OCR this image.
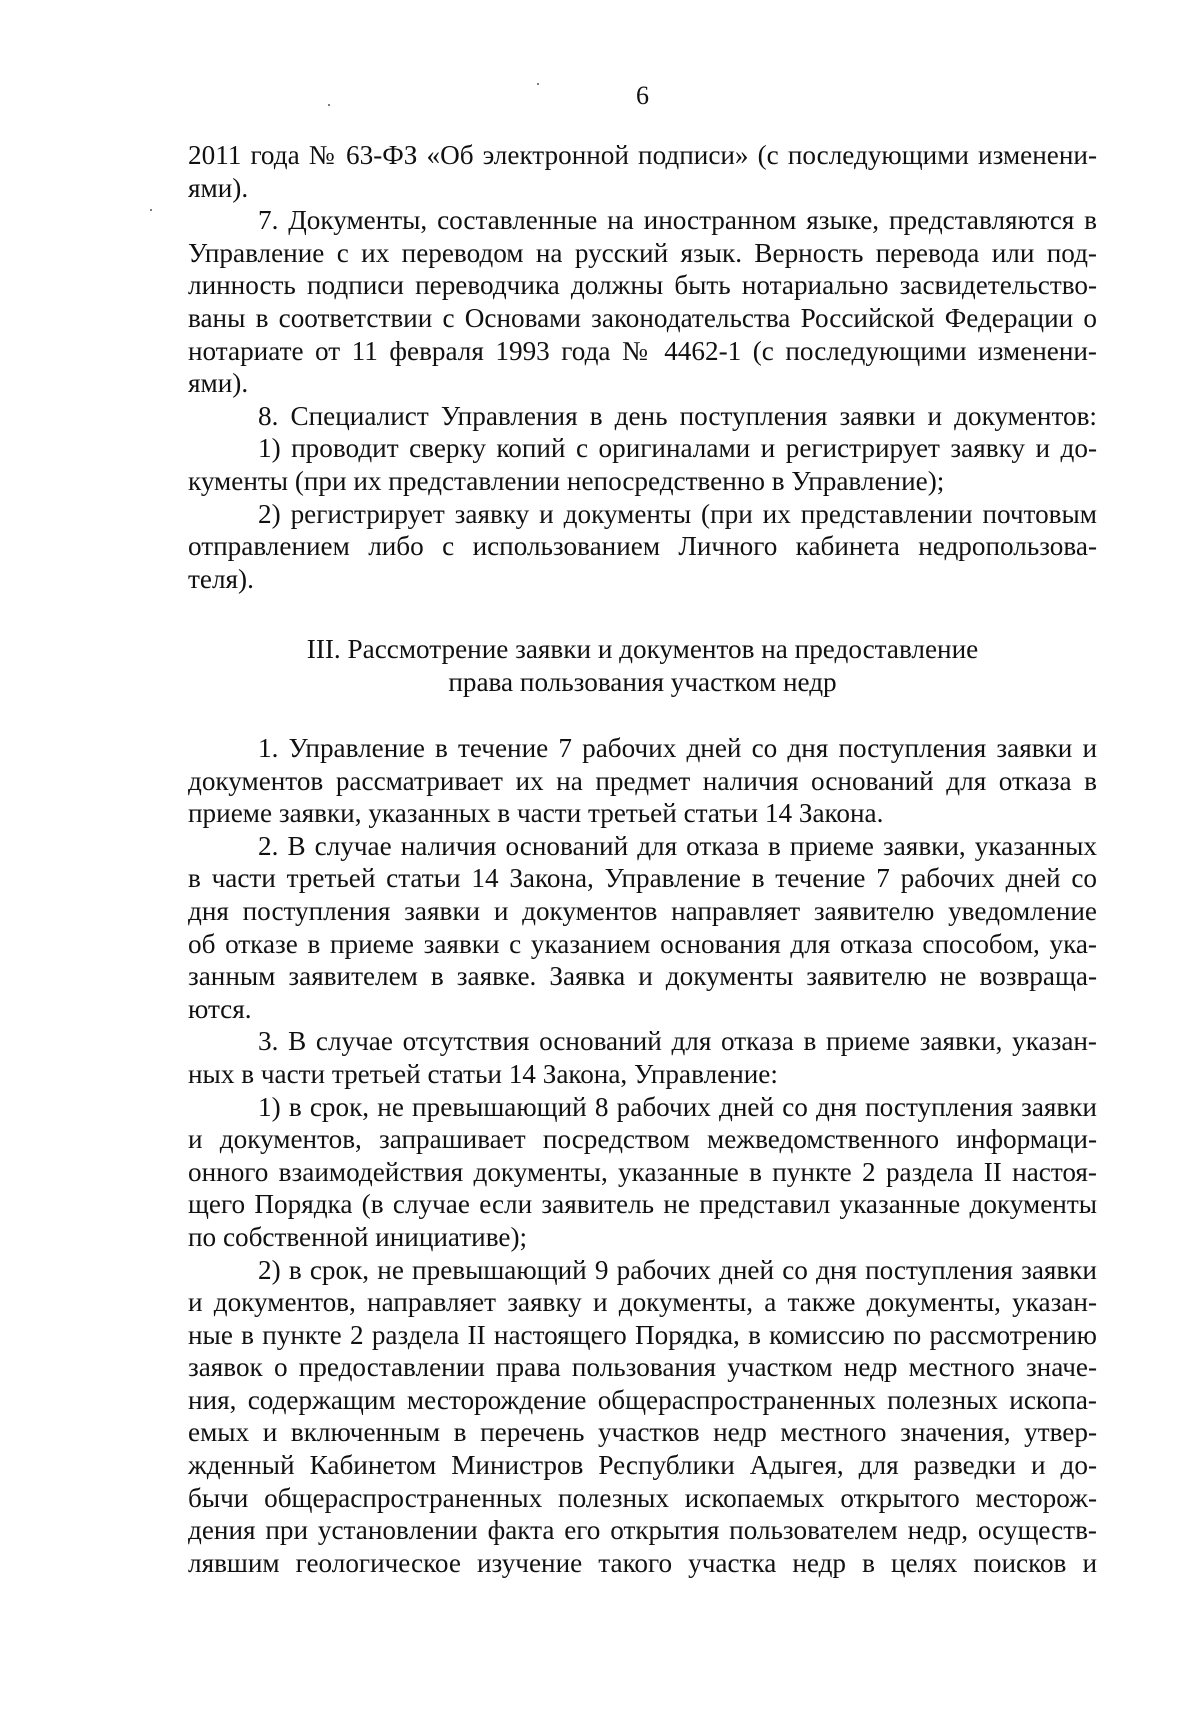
6
2011 года № 63-ФЗ «Об электронной подписи» (с последующими изменени-
ями).
7. Документы, составленные на иностранном языке, представляются в
Управление с их переводом на русский язык. Верность перевода или под-
линность подписи переводчика должны быть нотариально засвидетельство-
ваны в соответствии с Основами законодательства Российской Федерации о
нотариате от 11 февраля 1993 года № 4462-1 (с последующими изменени-
ями).
8. Специалист Управления в день поступления заявки и документов:
1) проводит сверку копий с оригиналами и регистрирует заявку и до-
кументы (при их представлении непосредственно в Управление);
2) регистрирует заявку и документы (при их представлении почтовым
отправлением либо с использованием Личного кабинета недропользова-
теля).
III. Рассмотрение заявки и документов на предоставление
права пользования участком недр
1. Управление в течение 7 рабочих дней со дня поступления заявки и
документов рассматривает их на предмет наличия оснований для отказа в
приеме заявки, указанных в части третьей статьи 14 Закона.
2. В случае наличия оснований для отказа в приеме заявки, указанных
в части третьей статьи 14 Закона, Управление в течение 7 рабочих дней со
дня поступления заявки и документов направляет заявителю уведомление
об отказе в приеме заявки с указанием основания для отказа способом, ука-
занным заявителем в заявке. Заявка и документы заявителю не возвраща-
ются.
3. В случае отсутствия оснований для отказа в приеме заявки, указан-
ных в части третьей статьи 14 Закона, Управление:
1) в срок, не превышающий 8 рабочих дней со дня поступления заявки
и документов, запрашивает посредством межведомственного информаци-
онного взаимодействия документы, указанные в пункте 2 раздела II настоя-
щего Порядка (в случае если заявитель не представил указанные документы
по собственной инициативе);
2) в срок, не превышающий 9 рабочих дней со дня поступления заявки
и документов, направляет заявку и документы, а также документы, указан-
ные в пункте 2 раздела II настоящего Порядка, в комиссию по рассмотрению
заявок о предоставлении права пользования участком недр местного значе-
ния, содержащим месторождение общераспространенных полезных ископа-
емых и включенным в перечень участков недр местного значения, утвер-
жденный Кабинетом Министров Республики Адыгея, для разведки и до-
бычи общераспространенных полезных ископаемых открытого месторож-
дения при установлении факта его открытия пользователем недр, осуществ-
лявшим геологическое изучение такого участка недр в целях поисков и
